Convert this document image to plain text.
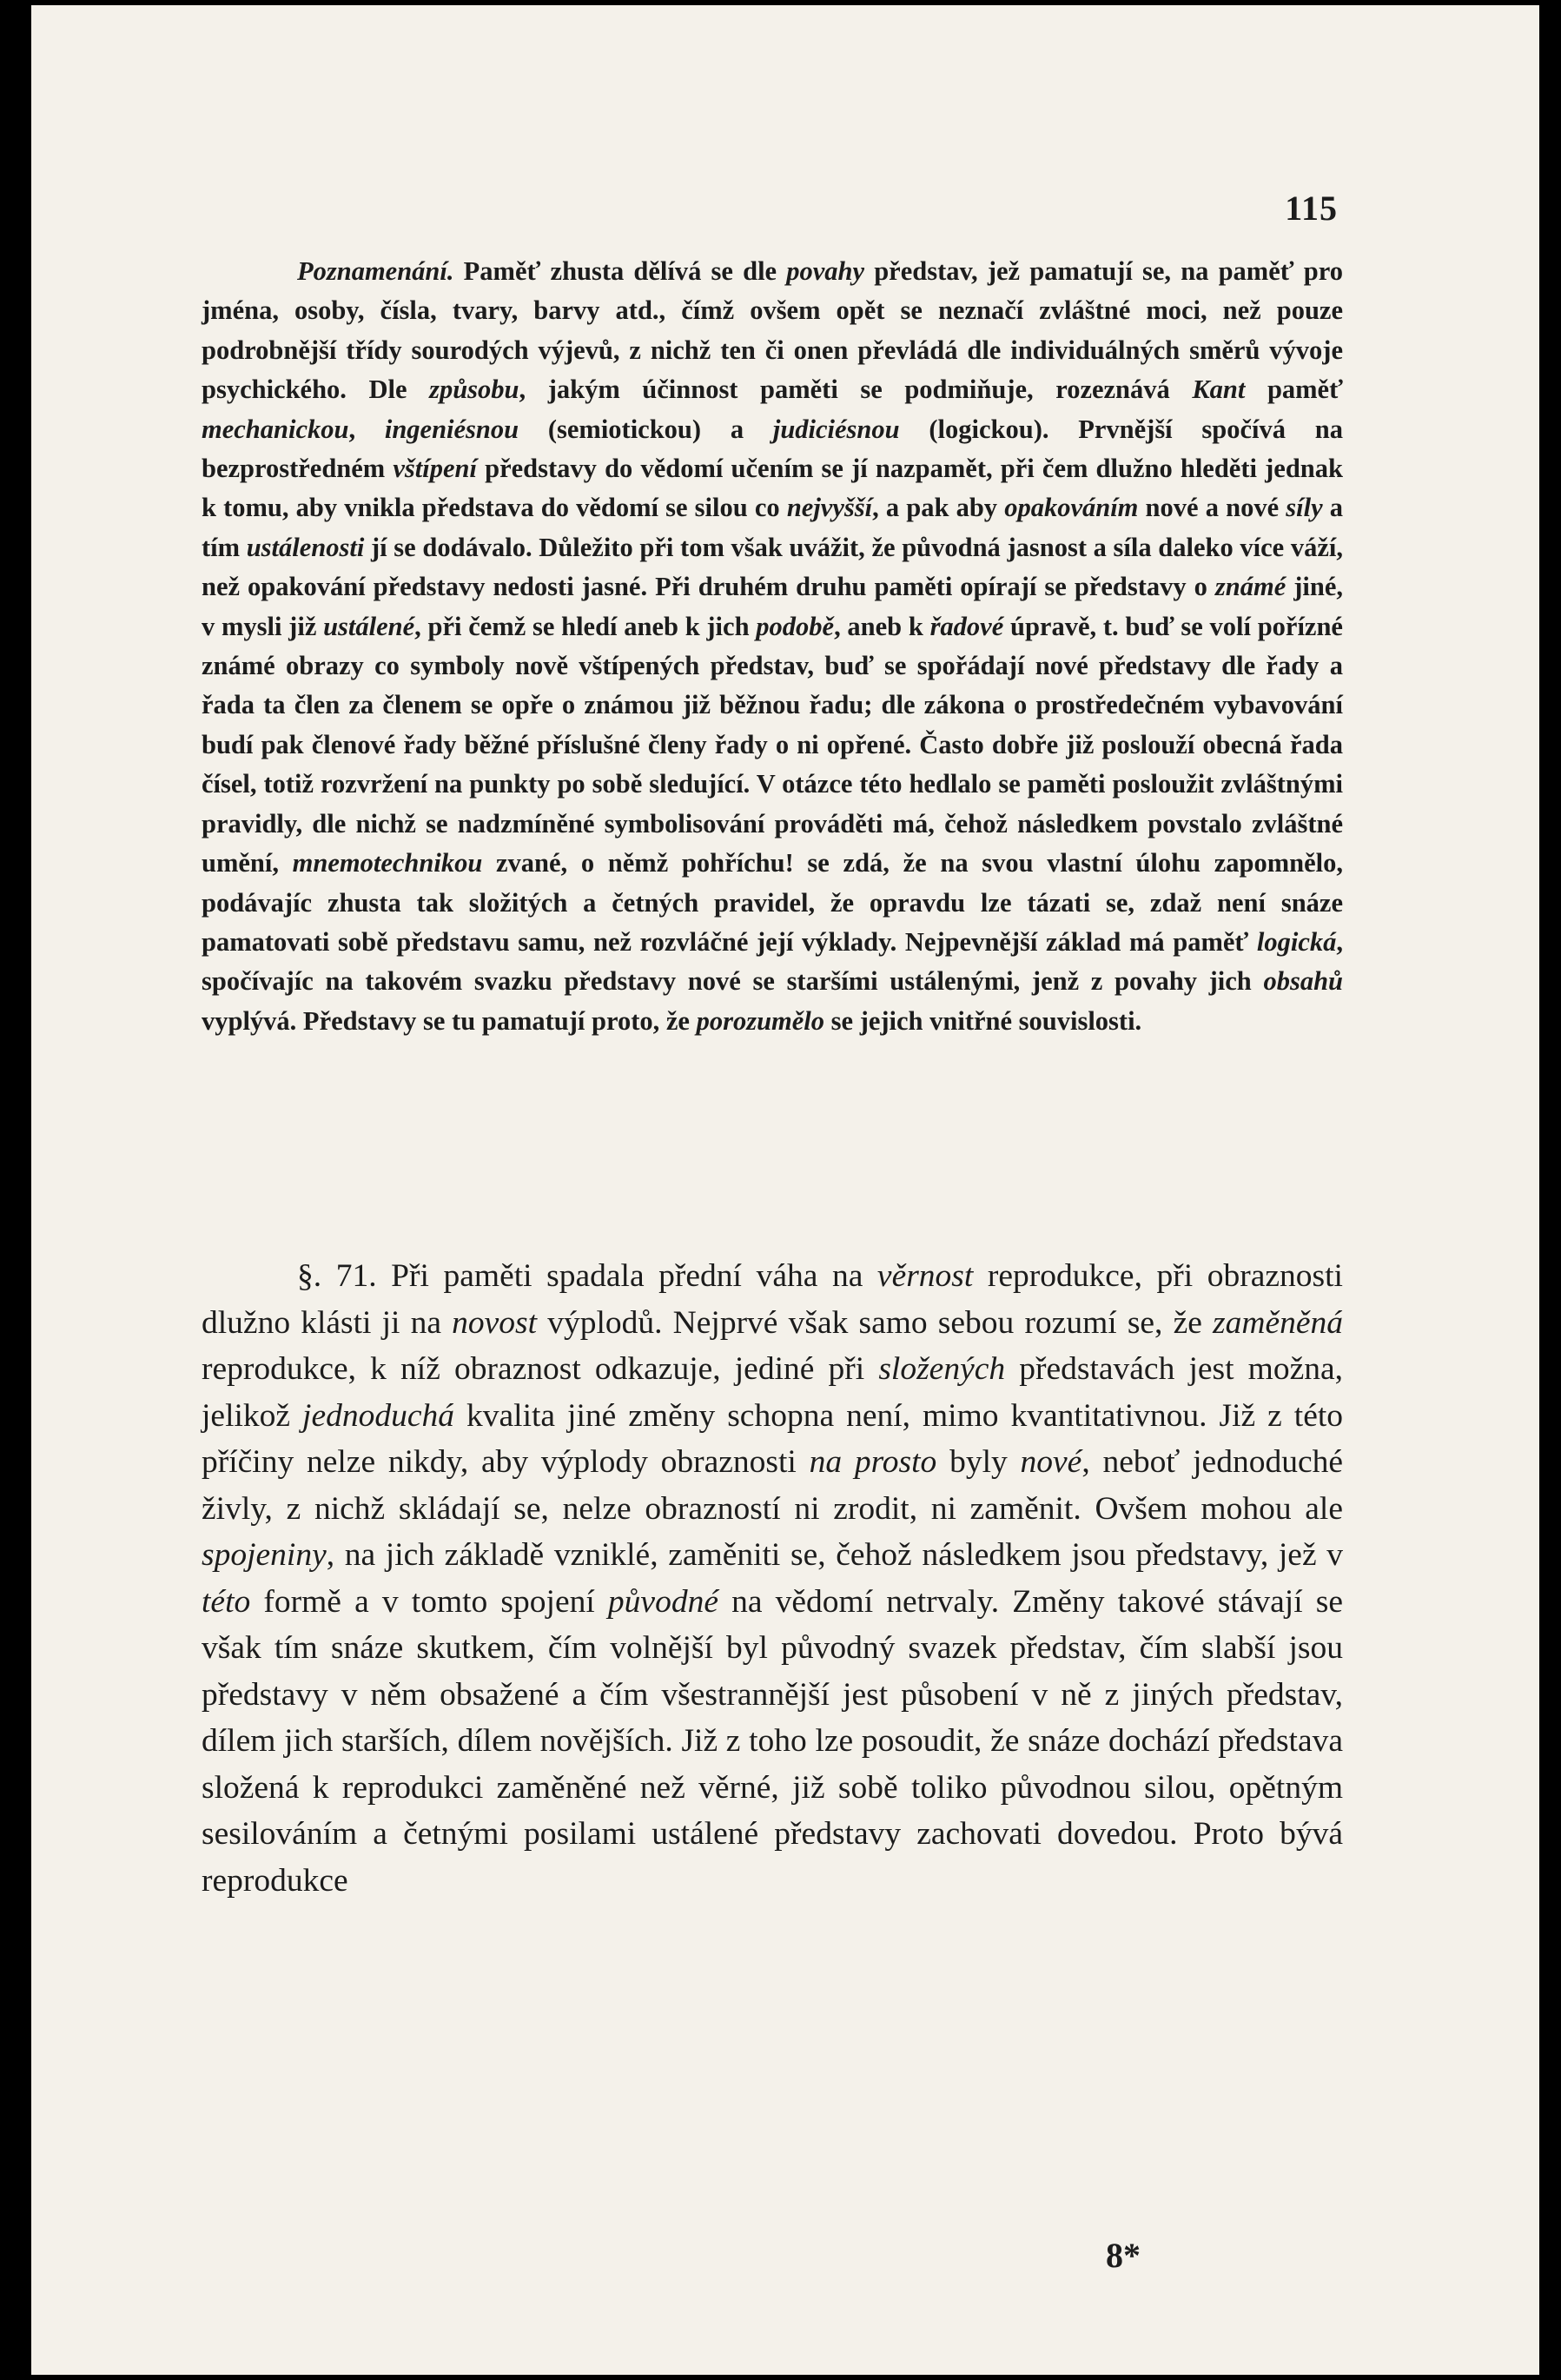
115

Poznamenání. Paměť zhusta dělívá se dle povahy představ, jež pamatují se, na paměť pro jména, osoby, čísla, tvary, barvy atd., čímž ovšem opět se neznačí zvláštné moci, než pouze podrobnější třídy sourodých výjevů, z nichž ten či onen převládá dle individuálných směrů vývoje psychického. Dle způsobu, jakým účinnost paměti se podmiňuje, rozeznává Kant paměť mechanickou, ingeniésnou (semiotickou) a judiciésnou (logickou). Prvnější spočívá na bezprostředném vštípení představy do vědomí učením se jí nazpamět, při čem dlužno hleděti jednak k tomu, aby vnikla představa do vědomí se silou co nejvyšší, a pak aby opakováním nové a nové síly a tím ustálenosti jí se dodávalo. Důležito při tom však uvážit, že původná jasnost a síla daleko více váží, než opakování představy nedosti jasné. Při druhém druhu paměti opírají se představy o známé jiné, v mysli již ustálené, při čemž se hledí aneb k jich podobě, aneb k řadové úpravě, t. buď se volí pořízné známé obrazy co symboly nově vštípených představ, buď se spořádají nové představy dle řady a řada ta člen za členem se opře o známou již běžnou řadu; dle zákona o prostředečném vybavování budí pak členové řady běžné příslušné členy řady o ni opřené. Často dobře již poslouží obecná řada čísel, totiž rozvržení na punkty po sobě sledující. V otázce této hedlalo se paměti posloužit zvláštnými pravidly, dle nichž se nadzmíněné symbolisování prováděti má, čehož následkem povstalo zvláštné umění, mnemotechnikou zvané, o němž pohříchu! se zdá, že na svou vlastní úlohu zapomnělo, podávajíc zhusta tak složitých a četných pravidel, že opravdu lze tázati se, zdaž není snáze pamatovati sobě představu samu, než rozvláčné její výklady. Nejpevnější základ má paměť logická, spočívajíc na takovém svazku představy nové se staršími ustálenými, jenž z povahy jich obsahů vyplývá. Představy se tu pamatují proto, že porozumělo se jejich vnitřné souvislosti.

§. 71. Při paměti spadala přední váha na věrnost reprodukce, při obraznosti dlužno klásti ji na novost výplodů. Nejprvé však samo sebou rozumí se, že zaměněná reprodukce, k níž obraznost odkazuje, jediné při složených představách jest možna, jelikož jednoduchá kvalita jiné změny schopna není, mimo kvantitativnou. Již z této příčiny nelze nikdy, aby výplody obraznosti na prosto byly nové, neboť jednoduché živly, z nichž skládají se, nelze obrazností ni zrodit, ni zaměnit. Ovšem mohou ale spojeniny, na jich základě vzniklé, zaměniti se, čehož následkem jsou představy, jež v této formě a v tomto spojení původné na vědomí netrvaly. Změny takové stávají se však tím snáze skutkem, čím volnější byl původný svazek představ, čím slabší jsou představy v něm obsažené a čím všestrannější jest působení v ně z jiných představ, dílem jich starších, dílem novějších. Již z toho lze posoudit, že snáze dochází představa složená k reprodukci zaměněné než věrné, již sobě toliko původnou silou, opětným sesilováním a četnými posilami ustálené představy zachovati dovedou. Proto bývá reprodukce

8*
